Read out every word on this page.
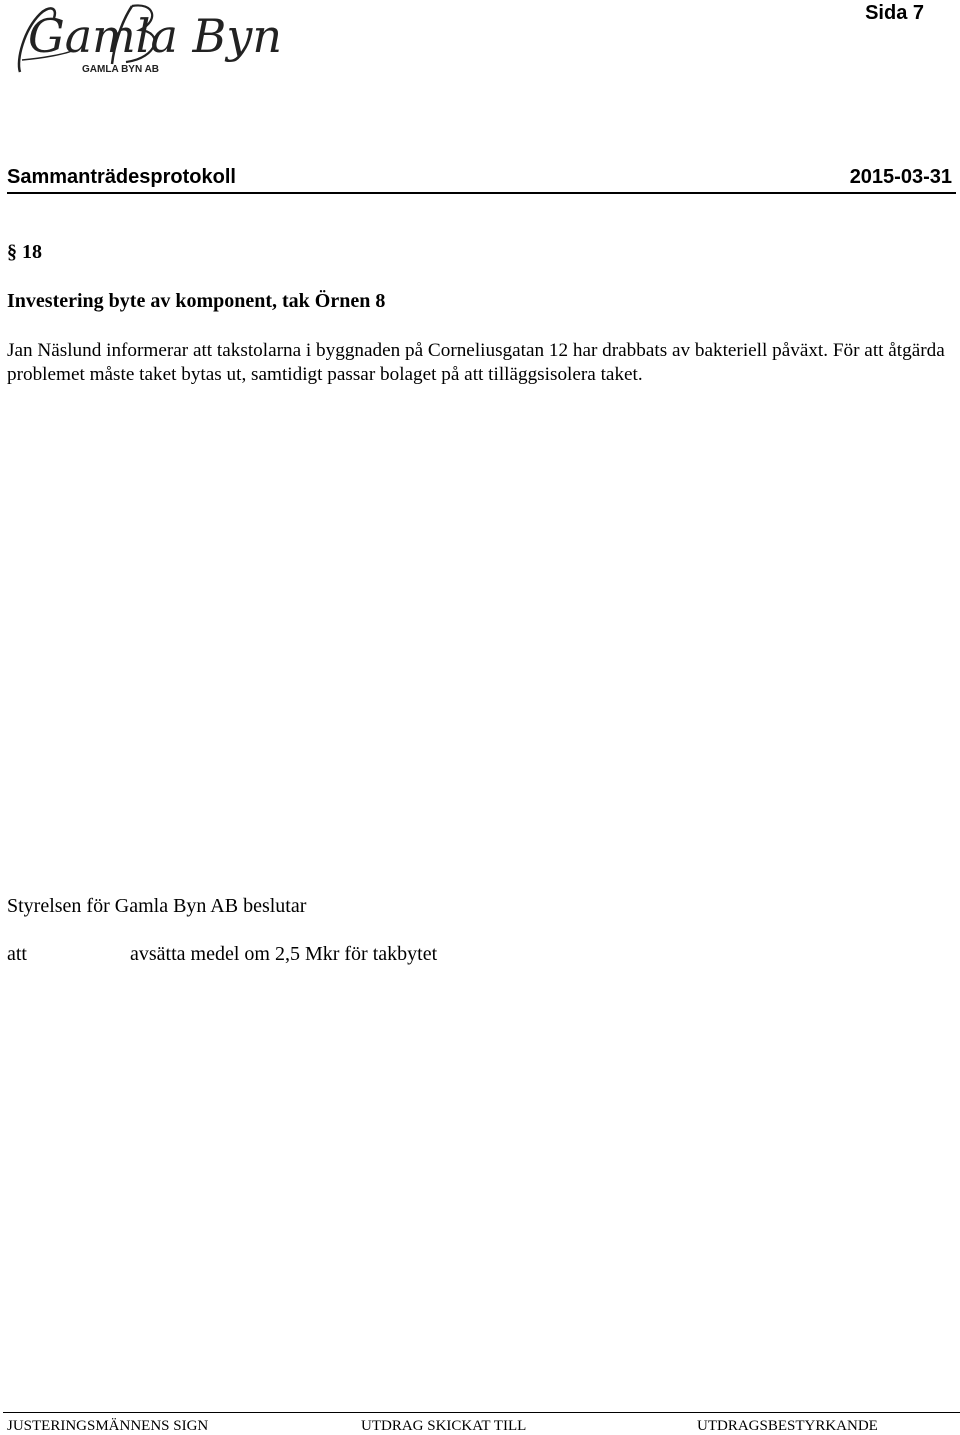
Gamla Byn
GAMLA BYN AB
Sida 7
Sammanträdesprotokoll	2015-03-31
§ 18
Investering byte av komponent, tak Örnen 8

Jan Näslund informerar att takstolarna i byggnaden på Corneliusgatan 12 har drabbats av bakteriell påväxt. För att åtgärda problemet måste taket bytas ut, samtidigt passar bolaget på att tilläggsisolera taket.

Styrelsen för Gamla Byn AB beslutar
att	avsätta medel om 2,5 Mkr för takbytet
JUSTERINGSMÄNNENS SIGN	UTDRAG SKICKAT TILL	UTDRAGSBESTYRKANDE
